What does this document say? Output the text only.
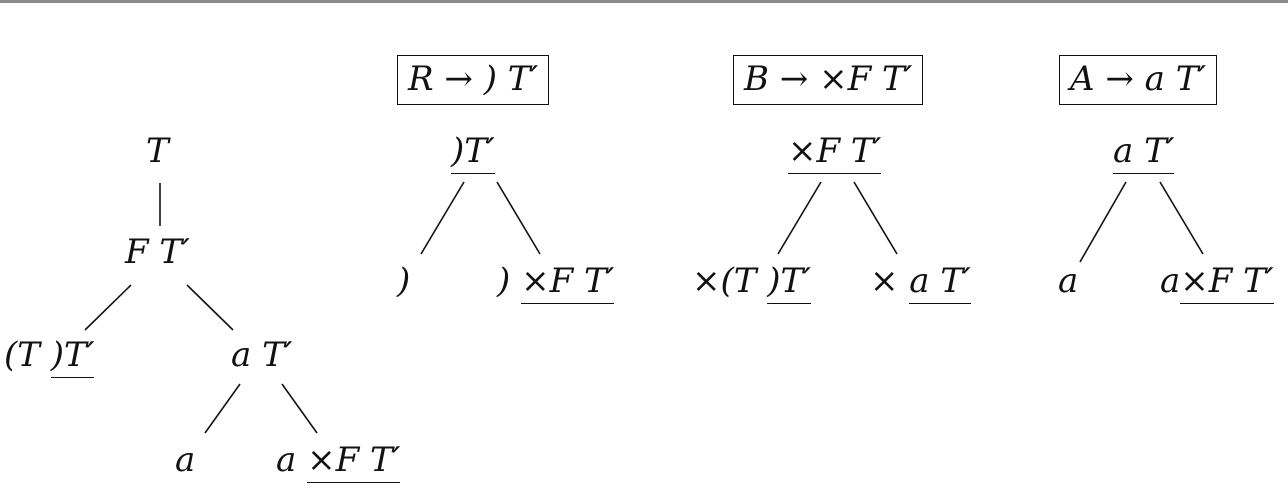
T
F T′
(T )T′	a T′
a a ×F T′
R → ) T′
)T′
)	) ×F T′
B → ×F T′
×F T′
×(T )T′ × a T′
A → a T′
a T′
a a×F T′
